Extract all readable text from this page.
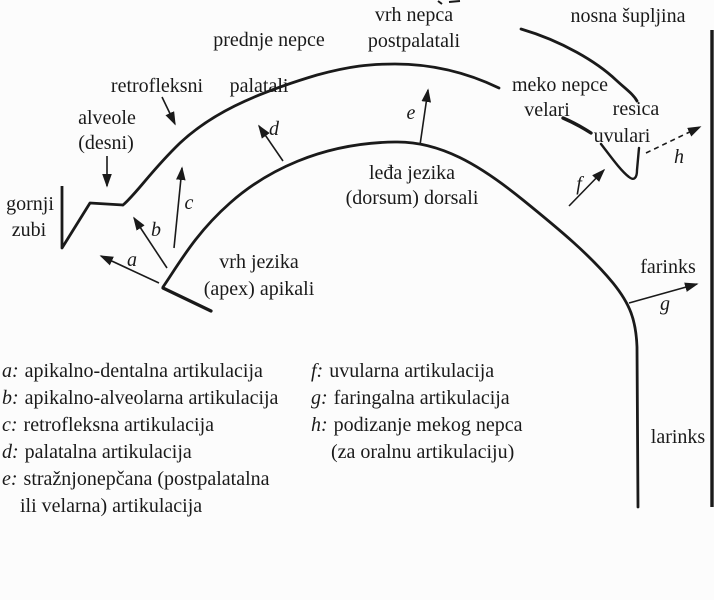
prednje nepce
vrh nepca
postpalatali
nosna šupljina
retrofleksni palatali
alveole
(desni)
meko nepce
velari resica
uvulari
gornji
zubi
vrh jezika
(apex) apikali
leđa jezika
(dorsum) dorsali
farinks
larinks
a
b
c
d
e
f
g
h
a: apikalno-dentalna artikulacija
b: apikalno-alveolarna artikulacija
c: retrofleksna artikulacija
d: palatalna artikulacija
e: stražnjonepčana (postpalatalna
ili velarna) artikulacija
f: uvularna artikulacija
g: faringalna artikulacija
h: podizanje mekog nepca
(za oralnu artikulaciju)
